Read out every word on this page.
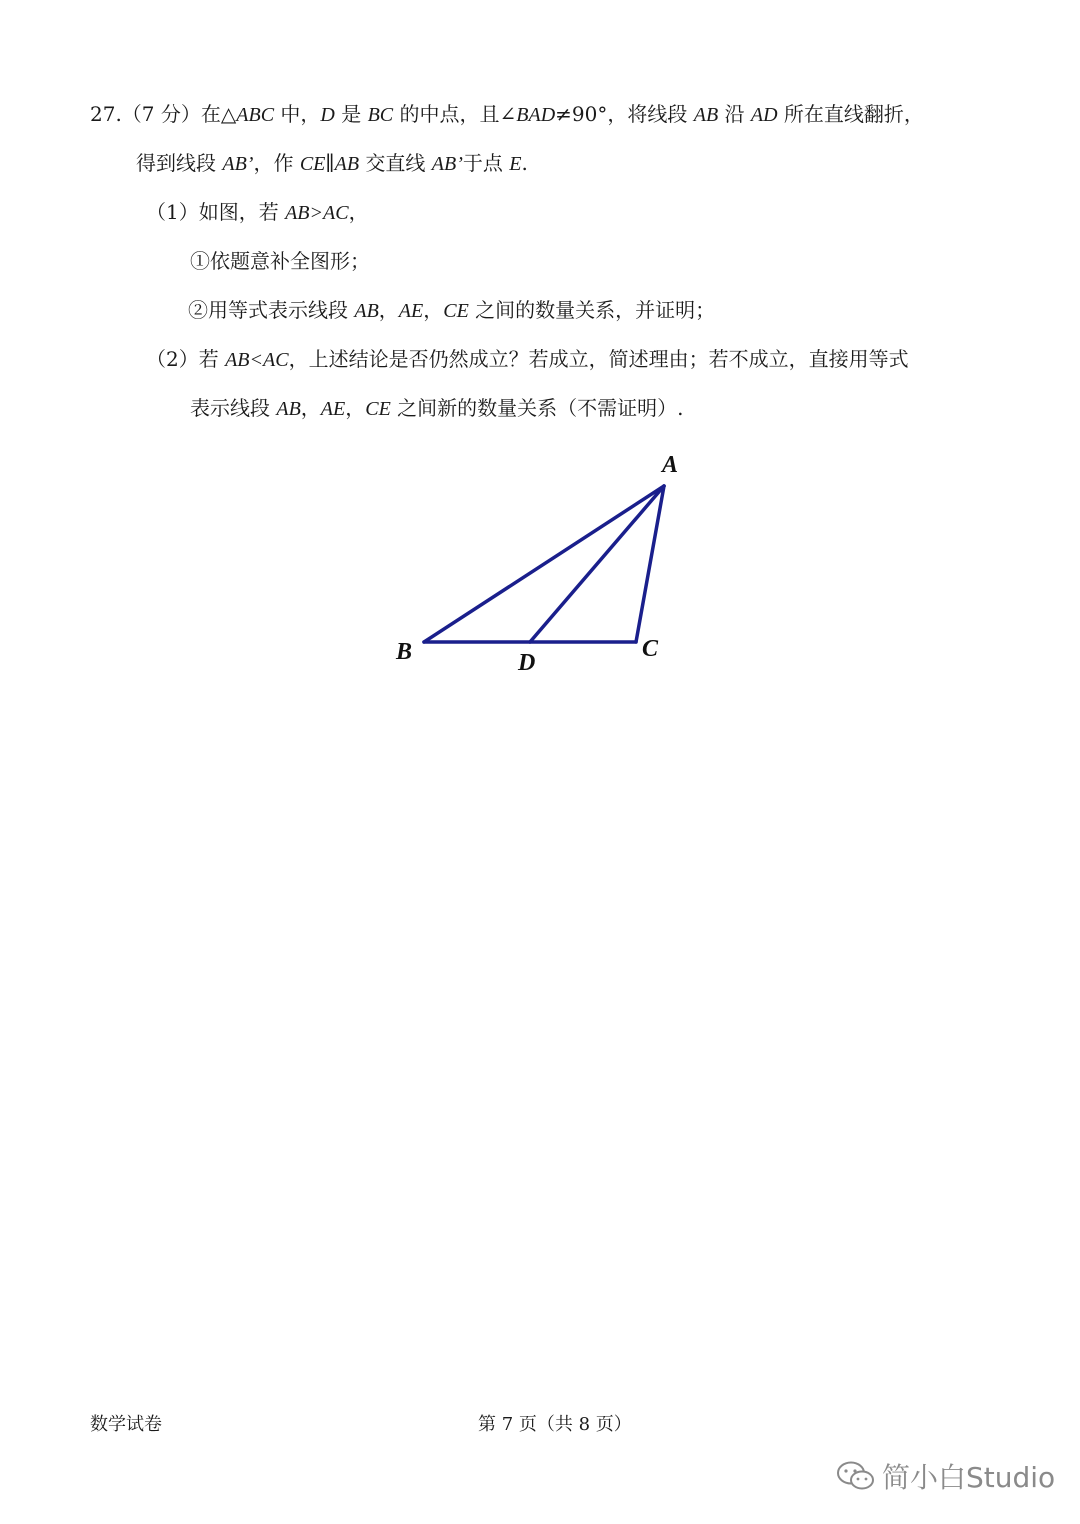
27.（7 分）在△ABC 中，D 是 BC 的中点，且∠BAD≠90°，将线段 AB 沿 AD 所在直线翻折，
得到线段 AB’，作 CE∥AB 交直线 AB’于点 E.
（1）如图，若 AB>AC，
①依题意补全图形；
②用等式表示线段 AB，AE，CE 之间的数量关系，并证明；
（2）若 AB<AC，上述结论是否仍然成立？若成立，简述理由；若不成立，直接用等式
表示线段 AB，AE，CE 之间新的数量关系（不需证明）.
A
B	C
D
数学试卷	第 7 页（共 8 页）
简小白Studio
